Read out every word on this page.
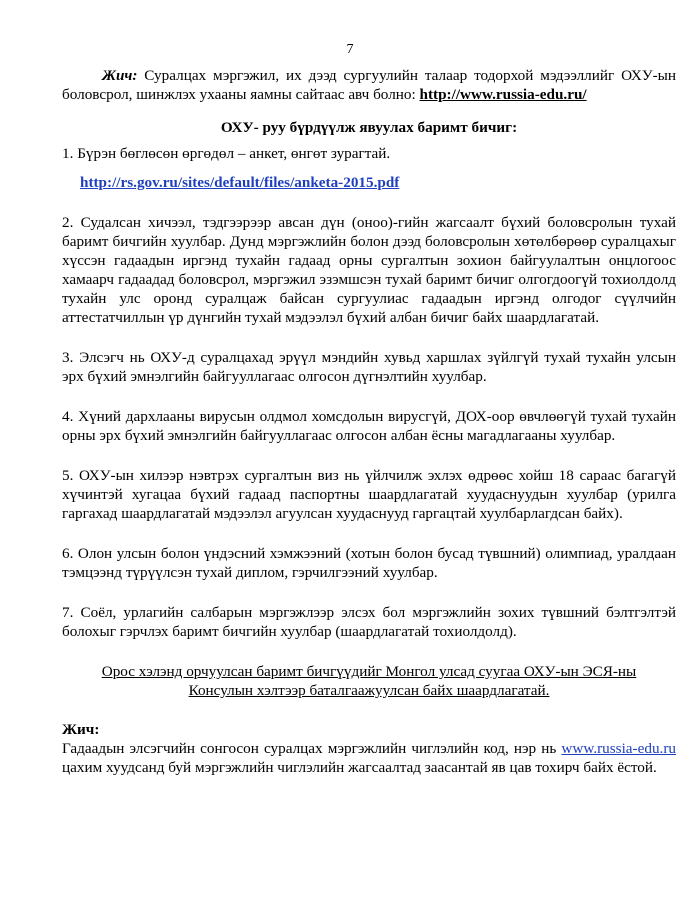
7

Жич: Суралцах мэргэжил, их дээд сургуулийн талаар тодорхой мэдээллийг ОХУ-ын боловсрол, шинжлэх ухааны яамны сайтаас авч болно: http://www.russia-edu.ru/

ОХУ- руу бүрдүүлж явуулах баримт бичиг:

1. Бүрэн бөглөсөн өргөдөл – анкет, өнгөт зурагтай.

http://rs.gov.ru/sites/default/files/anketa-2015.pdf

2. Судалсан хичээл, тэдгээрээр авсан дүн (оноо)-гийн жагсаалт бүхий боловсролын тухай баримт бичгийн хуулбар. Дунд мэргэжлийн болон дээд боловсролын хөтөлбөрөөр суралцахыг хүссэн гадаадын иргэнд тухайн гадаад орны сургалтын зохион байгуулалтын онцлогоос хамаарч гадаадад боловсрол, мэргэжил эзэмшсэн тухай баримт бичиг олгогдоогүй тохиолдолд тухайн улс оронд суралцаж байсан сургуулиас гадаадын иргэнд олгодог сүүлчийн аттестатчиллын үр дүнгийн тухай мэдээлэл бүхий албан бичиг байх шаардлагатай.

3. Элсэгч нь ОХУ-д суралцахад эрүүл мэндийн хувьд харшлах зүйлгүй тухай тухайн улсын эрх бүхий эмнэлгийн байгууллагаас олгосон дүгнэлтийн хуулбар.

4. Хүний дархлааны вирусын олдмол хомсдолын вирусгүй, ДОХ-оор өвчлөөгүй тухай тухайн орны эрх бүхий эмнэлгийн байгууллагаас олгосон албан ёсны магадлагааны хуулбар.

5. ОХУ-ын хилээр нэвтрэх сургалтын виз нь үйлчилж эхлэх өдрөөс хойш 18 сараас багагүй хүчинтэй хугацаа бүхий гадаад паспортны шаардлагатай хуудаснуудын хуулбар (урилга гаргахад шаардлагатай мэдээлэл агуулсан хуудаснууд гаргацтай хуулбарлагдсан байх).

6. Олон улсын болон үндэсний хэмжээний (хотын болон бусад түвшний) олимпиад, уралдаан тэмцээнд түрүүлсэн тухай диплом, гэрчилгээний хуулбар.

7. Соёл, урлагийн салбарын мэргэжлээр элсэх бол мэргэжлийн зохих түвшний бэлтгэлтэй болохыг гэрчлэх баримт бичгийн хуулбар (шаардлагатай тохиолдолд).

Орос хэлэнд орчуулсан баримт бичгүүдийг Монгол улсад суугаа ОХУ-ын ЭСЯ-ны Консулын хэлтээр баталгаажуулсан байх шаардлагатай.

Жич:

Гадаадын элсэгчийн сонгосон суралцах мэргэжлийн чиглэлийн код, нэр нь www.russia-edu.ru цахим хуудсанд буй мэргэжлийн чиглэлийн жагсаалтад заасантай яв цав тохирч байх ёстой.
